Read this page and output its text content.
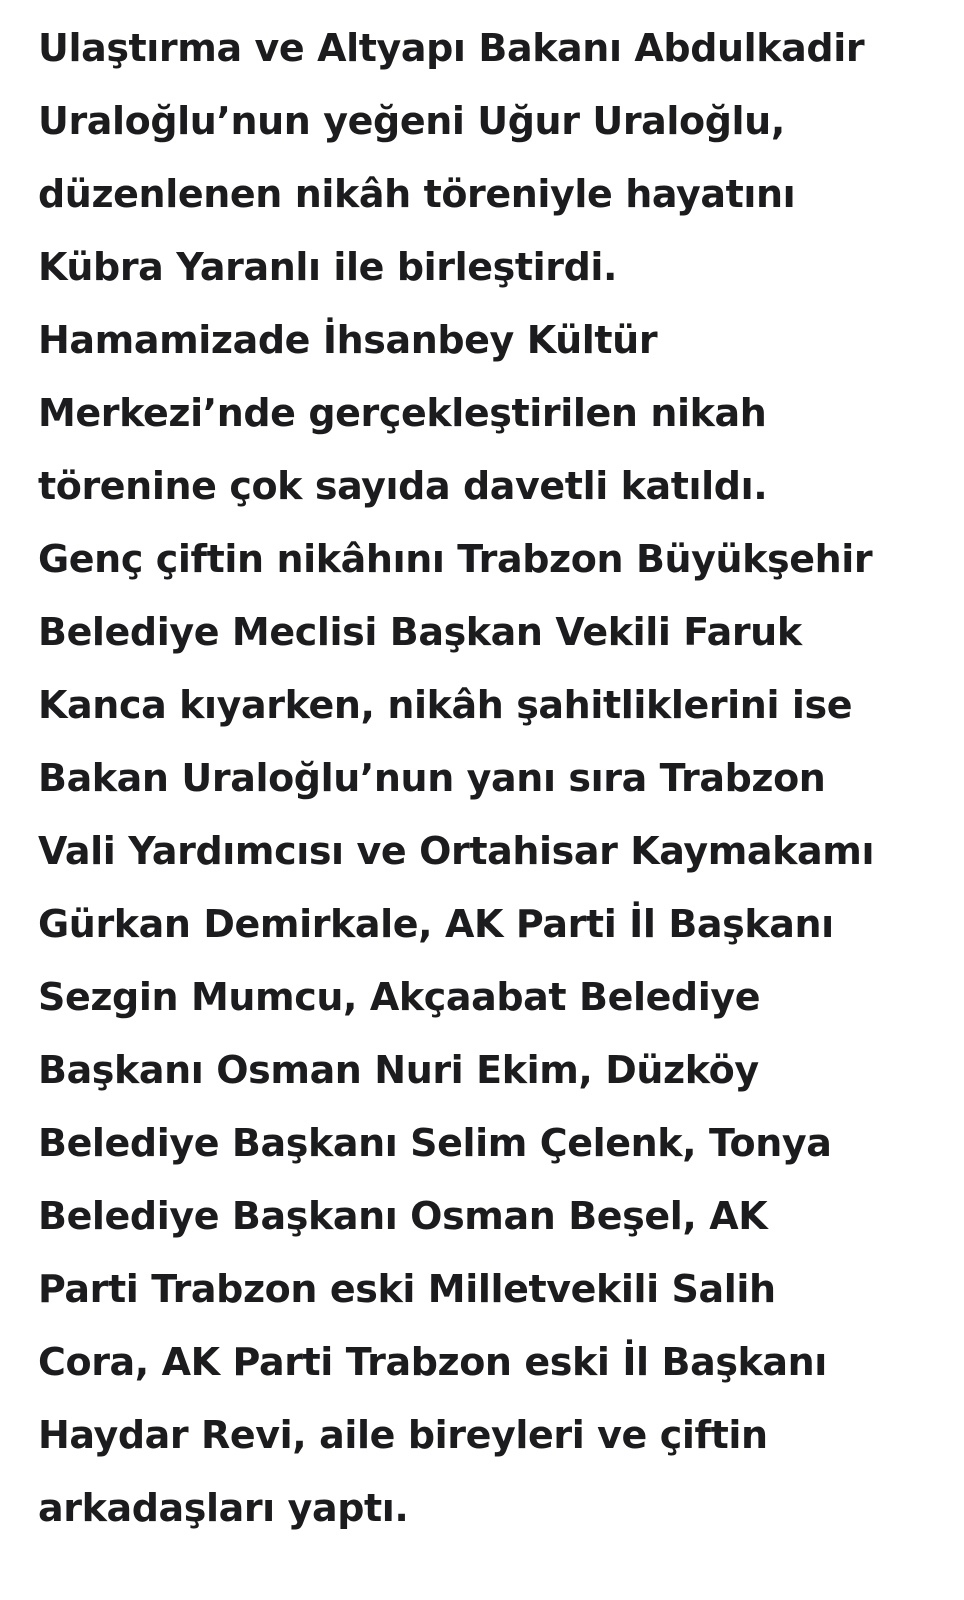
Ulaştırma ve Altyapı Bakanı Abdulkadir
Uraloğlu’nun yeğeni Uğur Uraloğlu,
düzenlenen nikâh töreniyle hayatını
Kübra Yaranlı ile birleştirdi.
Hamamizade İhsanbey Kültür
Merkezi’nde gerçekleştirilen nikah
törenine çok sayıda davetli katıldı.
Genç çiftin nikâhını Trabzon Büyükşehir
Belediye Meclisi Başkan Vekili Faruk
Kanca kıyarken, nikâh şahitliklerini ise
Bakan Uraloğlu’nun yanı sıra Trabzon
Vali Yardımcısı ve Ortahisar Kaymakamı
Gürkan Demirkale, AK Parti İl Başkanı
Sezgin Mumcu, Akçaabat Belediye
Başkanı Osman Nuri Ekim, Düzköy
Belediye Başkanı Selim Çelenk, Tonya
Belediye Başkanı Osman Beşel, AK
Parti Trabzon eski Milletvekili Salih
Cora, AK Parti Trabzon eski İl Başkanı
Haydar Revi, aile bireyleri ve çiftin
arkadaşları yaptı.
